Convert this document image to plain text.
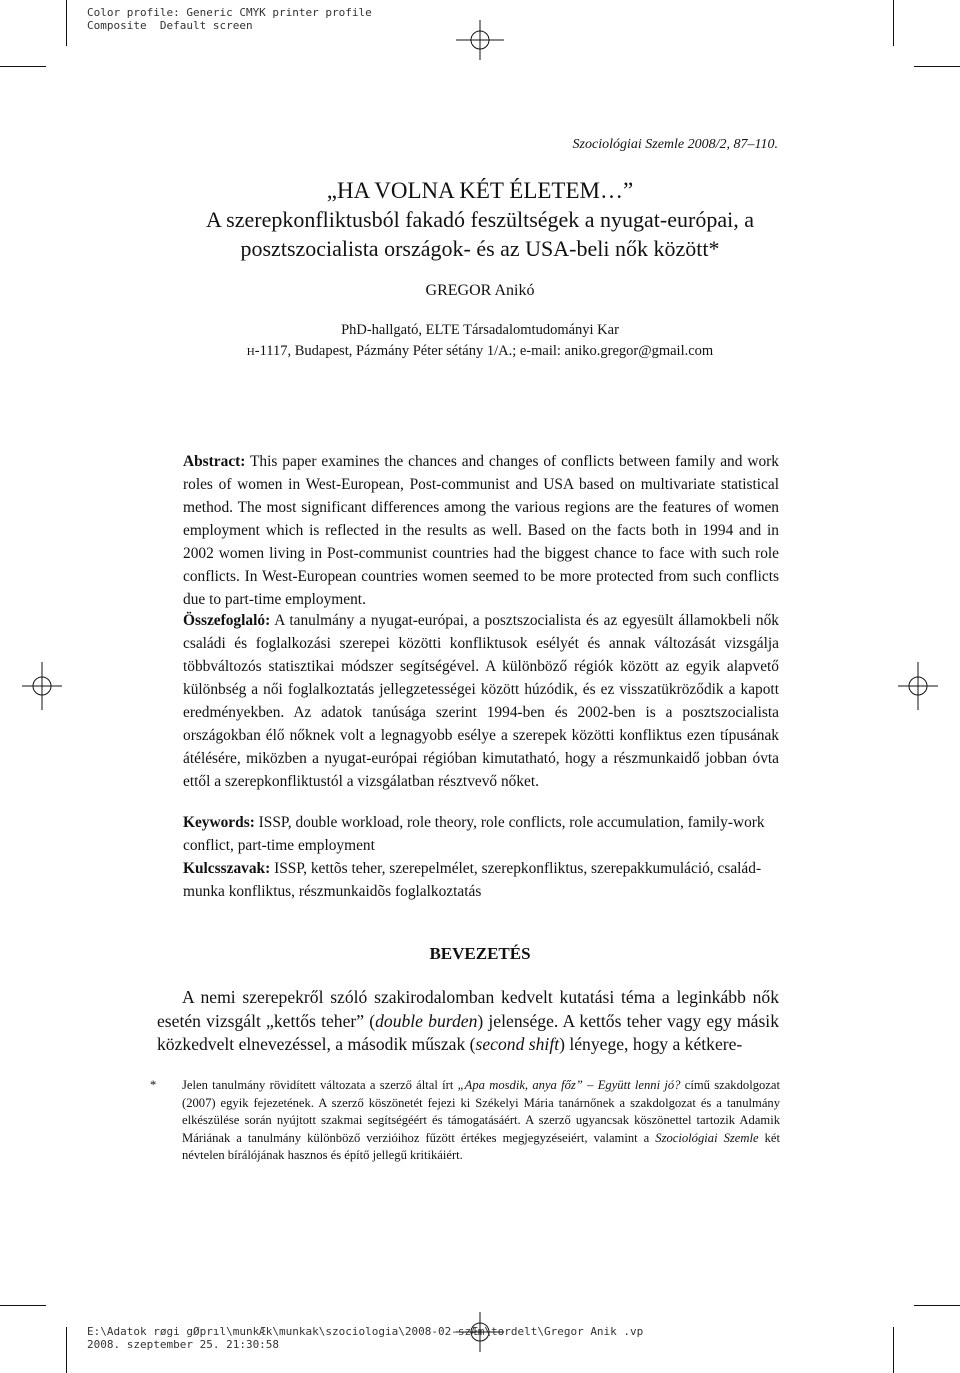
Color profile: Generic CMYK printer profile
Composite  Default screen
Szociológiai Szemle 2008/2, 87–110.
„HA VOLNA KÉT ÉLETEM…”
A szerepkonfliktusból fakadó feszültségek a nyugat-európai, a
posztszocialista országok- és az USA-beli nők között*
GREGOR Anikó
PhD-hallgató, ELTE Társadalomtudományi Kar
H-1117, Budapest, Pázmány Péter sétány 1/A.; e-mail: aniko.gregor@gmail.com
Abstract: This paper examines the chances and changes of conflicts between family and work roles of women in West-European, Post-communist and USA based on multivariate statistical method. The most significant differences among the various regions are the features of women employment which is reflected in the results as well. Based on the facts both in 1994 and in 2002 women living in Post-communist countries had the biggest chance to face with such role conflicts. In West-European countries women seemed to be more protected from such conflicts due to part-time employment.
Összefoglaló: A tanulmány a nyugat-európai, a posztszocialista és az egyesült államokbeli nők családi és foglalkozási szerepei közötti konfliktusok esélyét és annak változását vizsgálja többváltozós statisztikai módszer segítségével. A különböző régiók között az egyik alapvető különbség a női foglalkoztatás jellegzetességei között húzódik, és ez visszatükröződik a kapott eredményekben. Az adatok tanúsága szerint 1994-ben és 2002-ben is a posztszocialista országokban élő nőknek volt a legnagyobb esélye a szerepek közötti konfliktus ezen típusának átélésére, miközben a nyugat-európai régióban kimutatható, hogy a részmunkaidő jobban óvta ettől a szerepkonfliktustól a vizsgálatban résztvevő nőket.
Keywords: ISSP, double workload, role theory, role conflicts, role accumulation, family-work conflict, part-time employment
Kulcsszavak: ISSP, kettõs teher, szerepelmélet, szerepkonfliktus, szerepakkumuláció, család-munka konfliktus, részmunkaidõs foglalkoztatás
BEVEZETÉS
A nemi szerepekről szóló szakirodalomban kedvelt kutatási téma a leginkább nők esetén vizsgált „kettős teher” (double burden) jelensége. A kettős teher vagy egy másik közkedvelt elnevezéssel, a második műszak (second shift) lényege, hogy a kétkere-
* Jelen tanulmány rövidített változata a szerző által írt „Apa mosdik, anya főz” – Együtt lenni jó? című szakdolgozat (2007) egyik fejezetének. A szerző köszönetét fejezi ki Székelyi Mária tanárnőnek a szakdolgozat és a tanulmány elkészülése során nyújtott szakmai segítségéért és támogatásáért. A szerző ugyancsak köszönettel tartozik Adamik Máriának a tanulmány különböző verzióihoz fűzött értékes megjegyzéseiért, valamint a Szociológiai Szemle két névtelen bírálójának hasznos és építő jellegű kritikáiért.
E:\Adatok røgi gØprıl\munkÆk\munkak\szociologia\2008-02-szÆm\tordelt\Gregor Anik .vp
2008. szeptember 25. 21:30:58
